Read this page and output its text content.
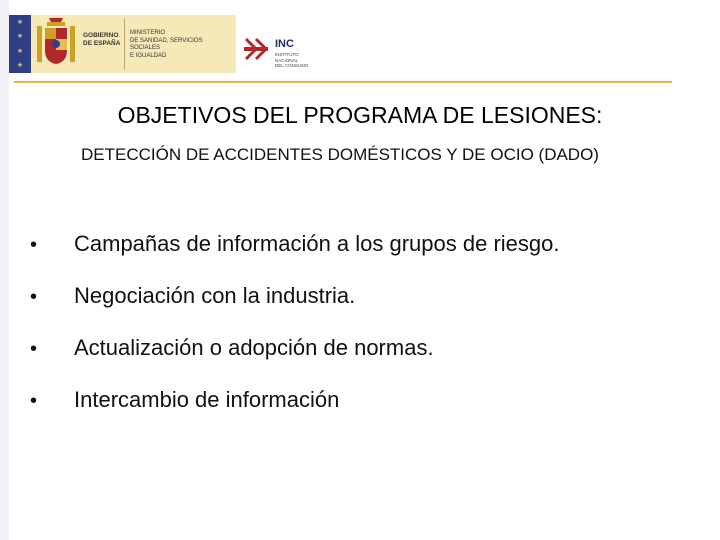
★
★
★
★
GOBIERNO
DE ESPAÑA
MINISTERIO
DE SANIDAD, SERVICIOS SOCIALES
E IGUALDAD
INC
INSTITUTO
NACIONAL
DEL CONSUMO
OBJETIVOS DEL PROGRAMA DE LESIONES:
DETECCIÓN DE ACCIDENTES DOMÉSTICOS Y DE OCIO (DADO)
•	Campañas de información a los grupos de riesgo.
•	Negociación con la industria.
•	Actualización o adopción de normas.
•	Intercambio de información
